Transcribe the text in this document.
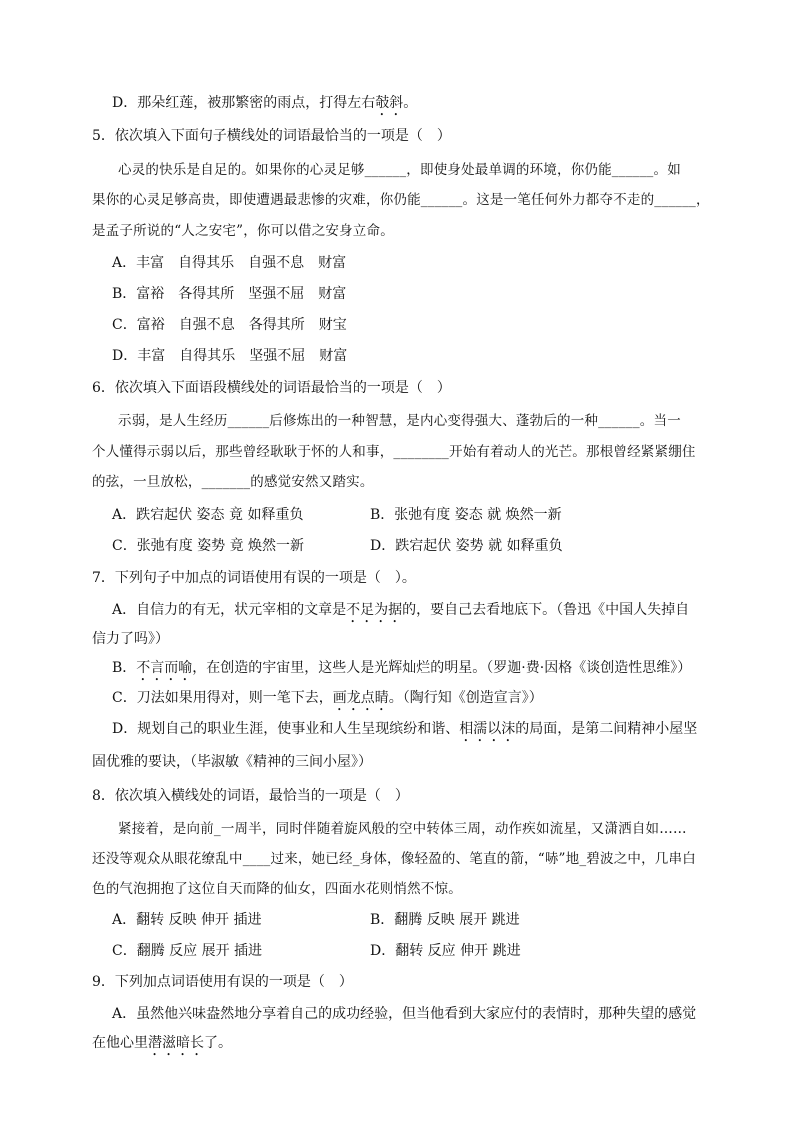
D．那朵红莲，被那繁密的雨点，打得左右攲斜。
5．依次填入下面句子横线处的词语最恰当的一项是（　）
心灵的快乐是自足的。如果你的心灵足够______，即使身处最单调的环境，你仍能______。如
果你的心灵足够高贵，即使遭遇最悲惨的灾难，你仍能______。这是一笔任何外力都夺不走的______，
是孟子所说的“人之安宅”，你可以借之安身立命。
A．丰富　自得其乐　自强不息　财富
B．富裕　各得其所　坚强不屈　财富
C．富裕　自强不息　各得其所　财宝
D．丰富　自得其乐　坚强不屈　财富
6．依次填入下面语段横线处的词语最恰当的一项是（　）
示弱，是人生经历______后修炼出的一种智慧，是内心变得强大、蓬勃后的一种______。当一
个人懂得示弱以后，那些曾经耿耿于怀的人和事，________开始有着动人的光芒。那根曾经紧紧绷住
的弦，一旦放松，_______的感觉安然又踏实。
A．跌宕起伏 姿态 竟 如释重负	B．张弛有度 姿态 就 焕然一新
C．张弛有度 姿势 竟 焕然一新	D．跌宕起伏 姿势 就 如释重负
7．下列句子中加点的词语使用有误的一项是（　）。
A．自信力的有无，状元宰相的文章是不足为据的，要自己去看地底下。（鲁迅《中国人失掉自
信力了吗》）
B．不言而喻，在创造的宇宙里，这些人是光辉灿烂的明星。（罗迦·费·因格《谈创造性思维》）
C．刀法如果用得对，则一笔下去，画龙点睛。（陶行知《创造宣言》）
D．规划自己的职业生涯，使事业和人生呈现缤纷和谐、相濡以沫的局面，是第二间精神小屋坚
固优雅的要诀，（毕淑敏《精神的三间小屋》）
8．依次填入横线处的词语，最恰当的一项是（　）
紧接着，是向前_一周半，同时伴随着旋风般的空中转体三周，动作疾如流星，又潇洒自如……
还没等观众从眼花缭乱中____过来，她已经_身体，像轻盈的、笔直的箭，“哧”地_碧波之中，几串白
色的气泡拥抱了这位自天而降的仙女，四面水花则悄然不惊。
A．翻转 反映 伸开 插进	B．翻腾 反映 展开 跳进
C．翻腾 反应 展开 插进	D．翻转 反应 伸开 跳进
9．下列加点词语使用有误的一项是（　）
A．虽然他兴味盎然地分享着自己的成功经验，但当他看到大家应付的表情时，那种失望的感觉
在他心里潜滋暗长了。
